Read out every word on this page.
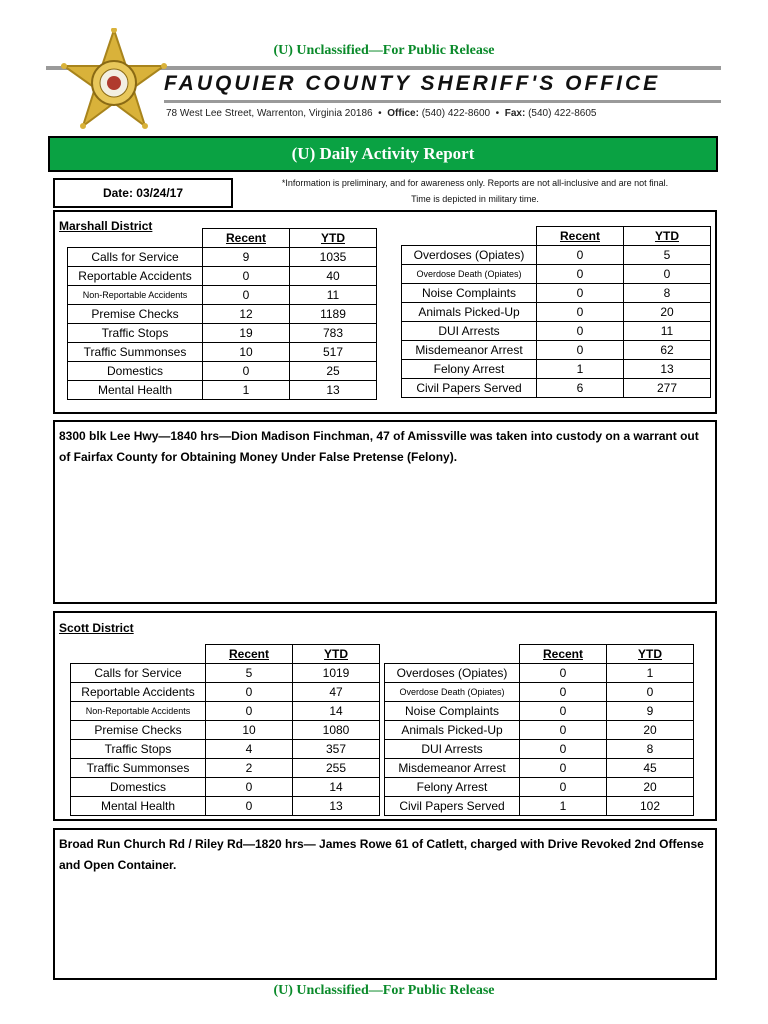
(U) Unclassified—For Public Release
FAUQUIER COUNTY SHERIFF'S OFFICE
78 West Lee Street, Warrenton, Virginia 20186 • Office: (540) 422-8600 • Fax: (540) 422-8605
(U) Daily Activity Report
Date: 03/24/17
*Information is preliminary, and for awareness only. Reports are not all-inclusive and are not final.
Time is depicted in military time.
Marshall District
	Recent	YTD
Calls for Service	9	1035
Reportable Accidents	0	40
Non-Reportable Accidents	0	11
Premise Checks	12	1189
Traffic Stops	19	783
Traffic Summonses	10	517
Domestics	0	25
Mental Health	1	13
	Recent	YTD
Overdoses (Opiates)	0	5
Overdose Death (Opiates)	0	0
Noise Complaints	0	8
Animals Picked-Up	0	20
DUI Arrests	0	11
Misdemeanor Arrest	0	62
Felony Arrest	1	13
Civil Papers Served	6	277
8300 blk Lee Hwy—1840 hrs—Dion Madison Finchman, 47 of Amissville was taken into custody on a warrant out of Fairfax County for Obtaining Money Under False Pretense (Felony).
Scott District
	Recent	YTD
Calls for Service	5	1019
Reportable Accidents	0	47
Non-Reportable Accidents	0	14
Premise Checks	10	1080
Traffic Stops	4	357
Traffic Summonses	2	255
Domestics	0	14
Mental Health	0	13
	Recent	YTD
Overdoses (Opiates)	0	1
Overdose Death (Opiates)	0	0
Noise Complaints	0	9
Animals Picked-Up	0	20
DUI Arrests	0	8
Misdemeanor Arrest	0	45
Felony Arrest	0	20
Civil Papers Served	1	102
Broad Run Church Rd / Riley Rd—1820 hrs— James Rowe 61 of Catlett, charged with Drive Revoked 2nd Offense and Open Container.
(U) Unclassified—For Public Release
